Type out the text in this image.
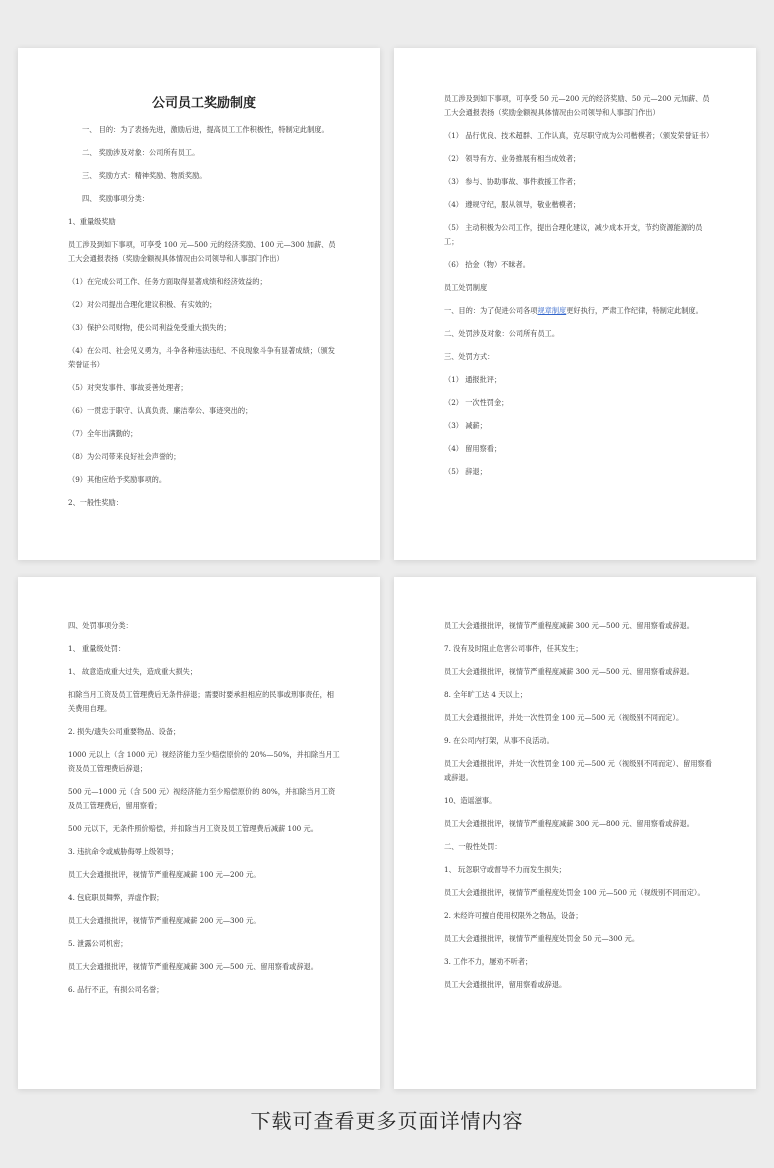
公司员工奖励制度

一、 目的：为了表扬先进，激励后进，提高员工工作积极性，特制定此制度。

二、 奖励涉及对象：公司所有员工。

三、 奖励方式：精神奖励、物质奖励。

四、 奖励事项分类：

1、重量级奖励

员工涉及到如下事项，可享受 100 元—500 元的经济奖励、100 元—300 加薪、员工大会通报表扬（奖励金额视具体情况由公司领导和人事部门作出）

（1）在完成公司工作、任务方面取得显著成绩和经济效益的；

（2）对公司提出合理化建议积极、有实效的；

（3）保护公司财物，使公司利益免受重大损失的；

（4）在公司、社会见义勇为，斗争各种违法违纪、不良现象斗争有显著成绩；（颁发荣誉证书）

（5）对突发事件、事故妥善处理者；

（6）一贯忠于职守、认真负责、廉洁奉公、事迹突出的；

（7）全年出满勤的；

（8）为公司带来良好社会声誉的；

（9）其他应给予奖励事项的。

2、一般性奖励：

员工涉及到如下事项，可享受 50 元—200 元的经济奖励、50 元—200 元加薪、员工大会通报表扬（奖励金额视具体情况由公司领导和人事部门作出）

（1） 品行优良、技术超群、工作认真，克尽职守成为公司楷模者；（颁发荣誉证书）

（2） 领导有方、业务推展有相当成效者；

（3） 参与、协助事故、事件救援工作者；

（4） 遵规守纪，服从领导，敬业楷模者；

（5） 主动积极为公司工作，提出合理化建议，减少成本开支，节约资源能源的员工；

（6） 拾金（物）不昧者。

员工处罚制度

一、目的：为了促进公司各项规章制度更好执行，严肃工作纪律，特制定此制度。

二、处罚涉及对象：公司所有员工。

三、处罚方式：

（1） 通报批评；

（2） 一次性罚金；

（3） 减薪；

（4） 留用察看；

（5） 辞退；

四、处罚事项分类：

1、 重量级处罚：

1、 故意造成重大过失，造成重大损失；

扣除当月工资及员工管理费后无条件辞退；需要时要承担相应的民事或刑事责任，相关费用自理。

2. 损失/遗失公司重要物品、设备；

1000 元以上（含 1000 元）视经济能力至少赔偿原价的 20%—50%，并扣除当月工资及员工管理费后辞退；

500 元—1000 元（含 500 元）视经济能力至少赔偿原价的 80%，并扣除当月工资及员工管理费后，留用察看；

500 元以下，无条件照价赔偿，并扣除当月工资及员工管理费后减薪 100 元。

3. 违抗命令或威胁侮辱上级领导；

员工大会通报批评，视情节严重程度减薪 100 元—200 元。

4. 包庇职员舞弊，弄虚作假；

员工大会通报批评，视情节严重程度减薪 200 元—300 元。

5. 泄露公司机密；

员工大会通报批评，视情节严重程度减薪 300 元—500 元、留用察看或辞退。

6. 品行不正，有损公司名誉；

员工大会通报批评，视情节严重程度减薪 300 元—500 元、留用察看或辞退。

7. 没有及时阻止危害公司事件，任其发生；

员工大会通报批评，视情节严重程度减薪 300 元—500 元、留用察看或辞退。

8. 全年旷工达 4 天以上；

员工大会通报批评，并处一次性罚金 100 元—500 元（视级别不同而定）。

9. 在公司内打架，从事不良活动。

员工大会通报批评，并处一次性罚金 100 元—500 元（视级别不同而定）、留用察看或辞退。

10、造谣滋事。

员工大会通报批评，视情节严重程度减薪 300 元—800 元、留用察看或辞退。

二、一般性处罚：

1、 玩忽职守或督导不力而发生损失；

员工大会通报批评，视情节严重程度处罚金 100 元—500 元（视级别不同而定）。

2. 未经许可擅自使用权限外之物品，设备；

员工大会通报批评，视情节严重程度处罚金 50 元—300 元。

3. 工作不力，屡劝不听者；

员工大会通报批评，留用察看或辞退。

下载可查看更多页面详情内容
